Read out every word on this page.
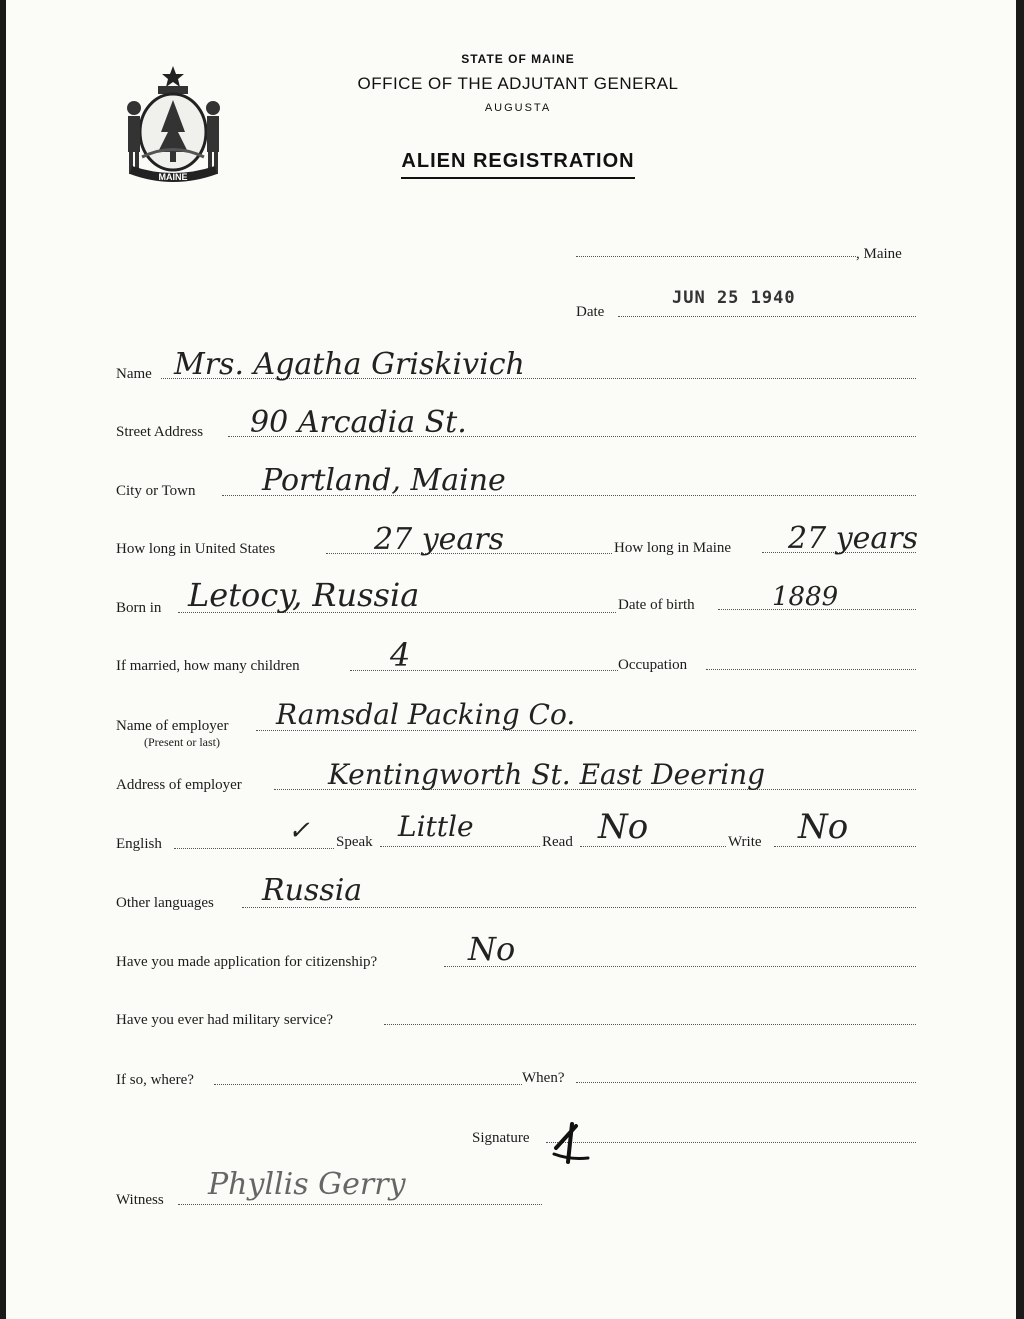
STATE OF MAINE
OFFICE OF THE ADJUTANT GENERAL
AUGUSTA
ALIEN REGISTRATION
MAINE
, Maine
JUN 25 1940
Date
Name Mrs. Agatha Griskivich
Street Address 90 Arcadia St.
City or Town Portland, Maine
How long in United States	27 years	How long in Maine 27 years
Born in Letocy, Russia	Date of birth	1889
If married, how many children	4	Occupation
Name of employer
(Present or last)
Ramsdal Packing Co.
Address of employer	Kentingworth St. East Deering
English	✓ Speak Little	Read No	Write No
Other languages Russia
Have you made application for citizenship?	No
Have you ever had military service?
If so, where?	When?
Signature
Witness Phyllis Gerry
